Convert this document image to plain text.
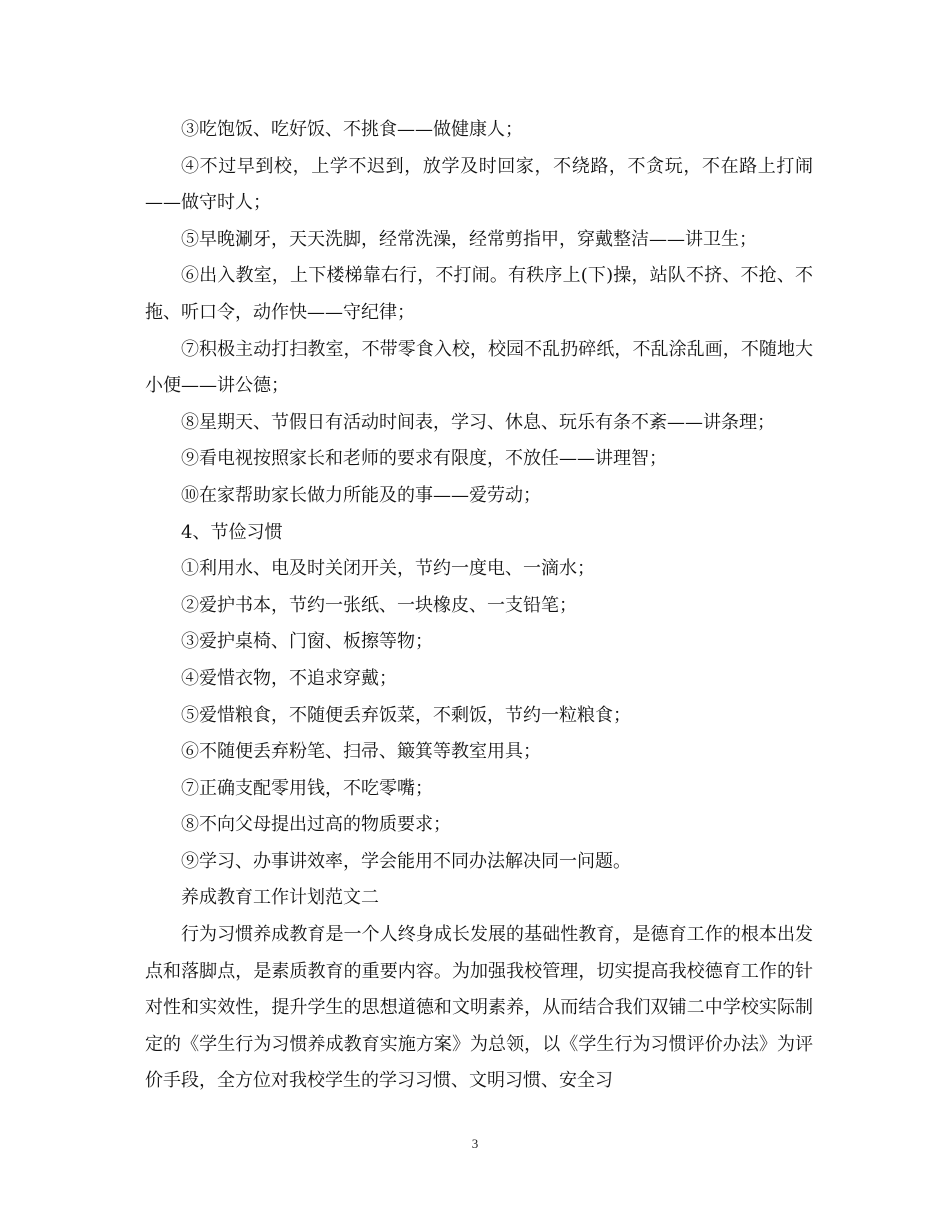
③吃饱饭、吃好饭、不挑食——做健康人；

④不过早到校，上学不迟到，放学及时回家，不绕路，不贪玩，不在路上打闹——做守时人；

⑤早晚涮牙，天天洗脚，经常洗澡，经常剪指甲，穿戴整洁——讲卫生；

⑥出入教室，上下楼梯靠右行，不打闹。有秩序上(下)操，站队不挤、不抢、不拖、听口令，动作快——守纪律；

⑦积极主动打扫教室，不带零食入校，校园不乱扔碎纸，不乱涂乱画，不随地大小便——讲公德；

⑧星期天、节假日有活动时间表，学习、休息、玩乐有条不紊——讲条理；

⑨看电视按照家长和老师的要求有限度，不放任——讲理智；

⑩在家帮助家长做力所能及的事——爱劳动；

4、节俭习惯

①利用水、电及时关闭开关，节约一度电、一滴水；

②爱护书本，节约一张纸、一块橡皮、一支铅笔；

③爱护桌椅、门窗、板擦等物；

④爱惜衣物，不追求穿戴；

⑤爱惜粮食，不随便丢弃饭菜，不剩饭，节约一粒粮食；

⑥不随便丢弃粉笔、扫帚、簸箕等教室用具；

⑦正确支配零用钱，不吃零嘴；

⑧不向父母提出过高的物质要求；

⑨学习、办事讲效率，学会能用不同办法解决同一问题。

养成教育工作计划范文二

行为习惯养成教育是一个人终身成长发展的基础性教育，是德育工作的根本出发点和落脚点，是素质教育的重要内容。为加强我校管理，切实提高我校德育工作的针对性和实效性，提升学生的思想道德和文明素养，从而结合我们双铺二中学校实际制定的《学生行为习惯养成教育实施方案》为总领，以《学生行为习惯评价办法》为评价手段，全方位对我校学生的学习习惯、文明习惯、安全习

3
